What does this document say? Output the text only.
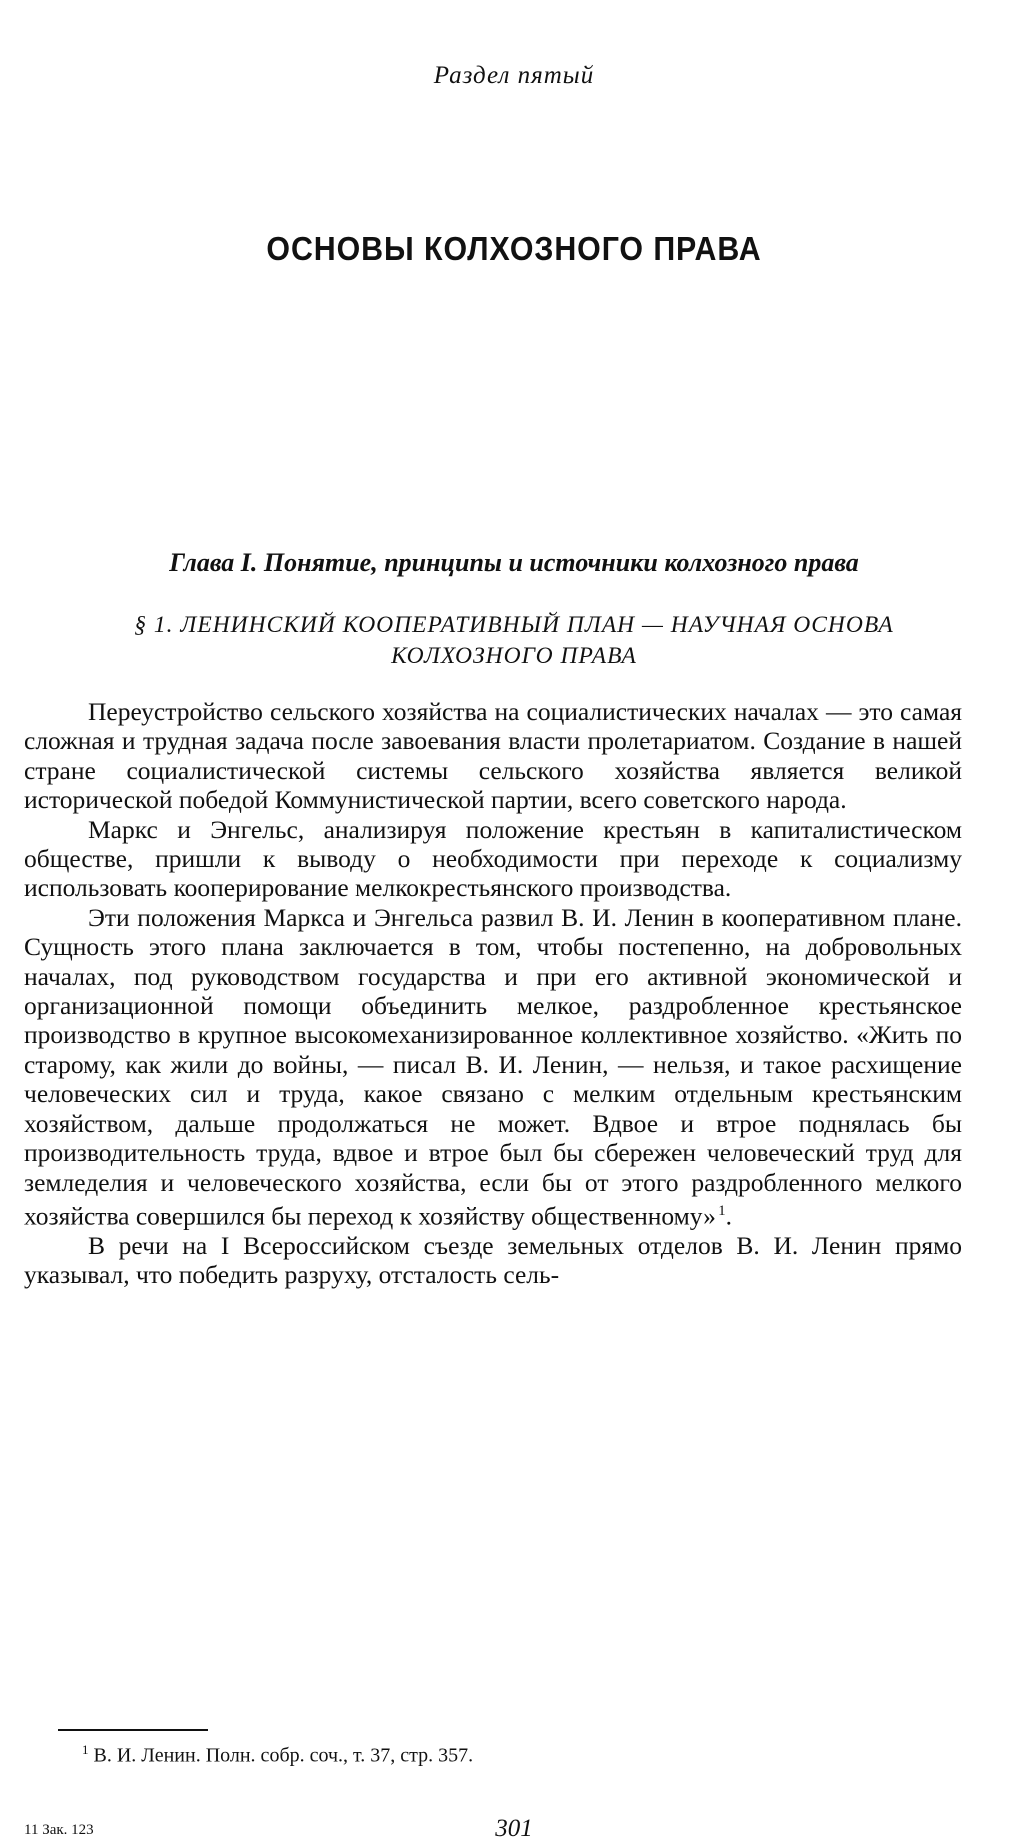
Раздел пятый
ОСНОВЫ КОЛХОЗНОГО ПРАВА
Глава I. Понятие, принципы и источники колхозного права
§ 1. ЛЕНИНСКИЙ КООПЕРАТИВНЫЙ ПЛАН — НАУЧНАЯ ОСНОВА
КОЛХОЗНОГО ПРАВА

Переустройство сельского хозяйства на социалистических началах — это самая сложная и трудная задача после завоевания власти пролетариатом. Создание в нашей стране социалистической системы сельского хозяйства является великой исторической победой Коммунистической партии, всего советского народа.

Маркс и Энгельс, анализируя положение крестьян в капиталистическом обществе, пришли к выводу о необходимости при переходе к социализму использовать кооперирование мелкокрестьянского производства.

Эти положения Маркса и Энгельса развил В. И. Ленин в кооперативном плане. Сущность этого плана заключается в том, чтобы постепенно, на добровольных началах, под руководством государства и при его активной экономической и организационной помощи объединить мелкое, раздробленное крестьянское производство в крупное высокомеханизированное коллективное хозяйство. «Жить по старому, как жили до войны, — писал В. И. Ленин, — нельзя, и такое расхищение человеческих сил и труда, какое связано с мелким отдельным крестьянским хозяйством, дальше продолжаться не может. Вдвое и втрое поднялась бы производительность труда, вдвое и втрое был бы сбережен человеческий труд для земледелия и человеческого хозяйства, если бы от этого раздробленного мелкого хозяйства совершился бы переход к хозяйству общественному»  $^1$.

В речи на I Всероссийском съезде земельных отделов В. И. Ленин прямо указывал, что победить разруху, отсталость сель-

$^1$ В. И. Ленин. Полн. собр. соч., т. 37, стр. 357.
11 Зак. 123	301
